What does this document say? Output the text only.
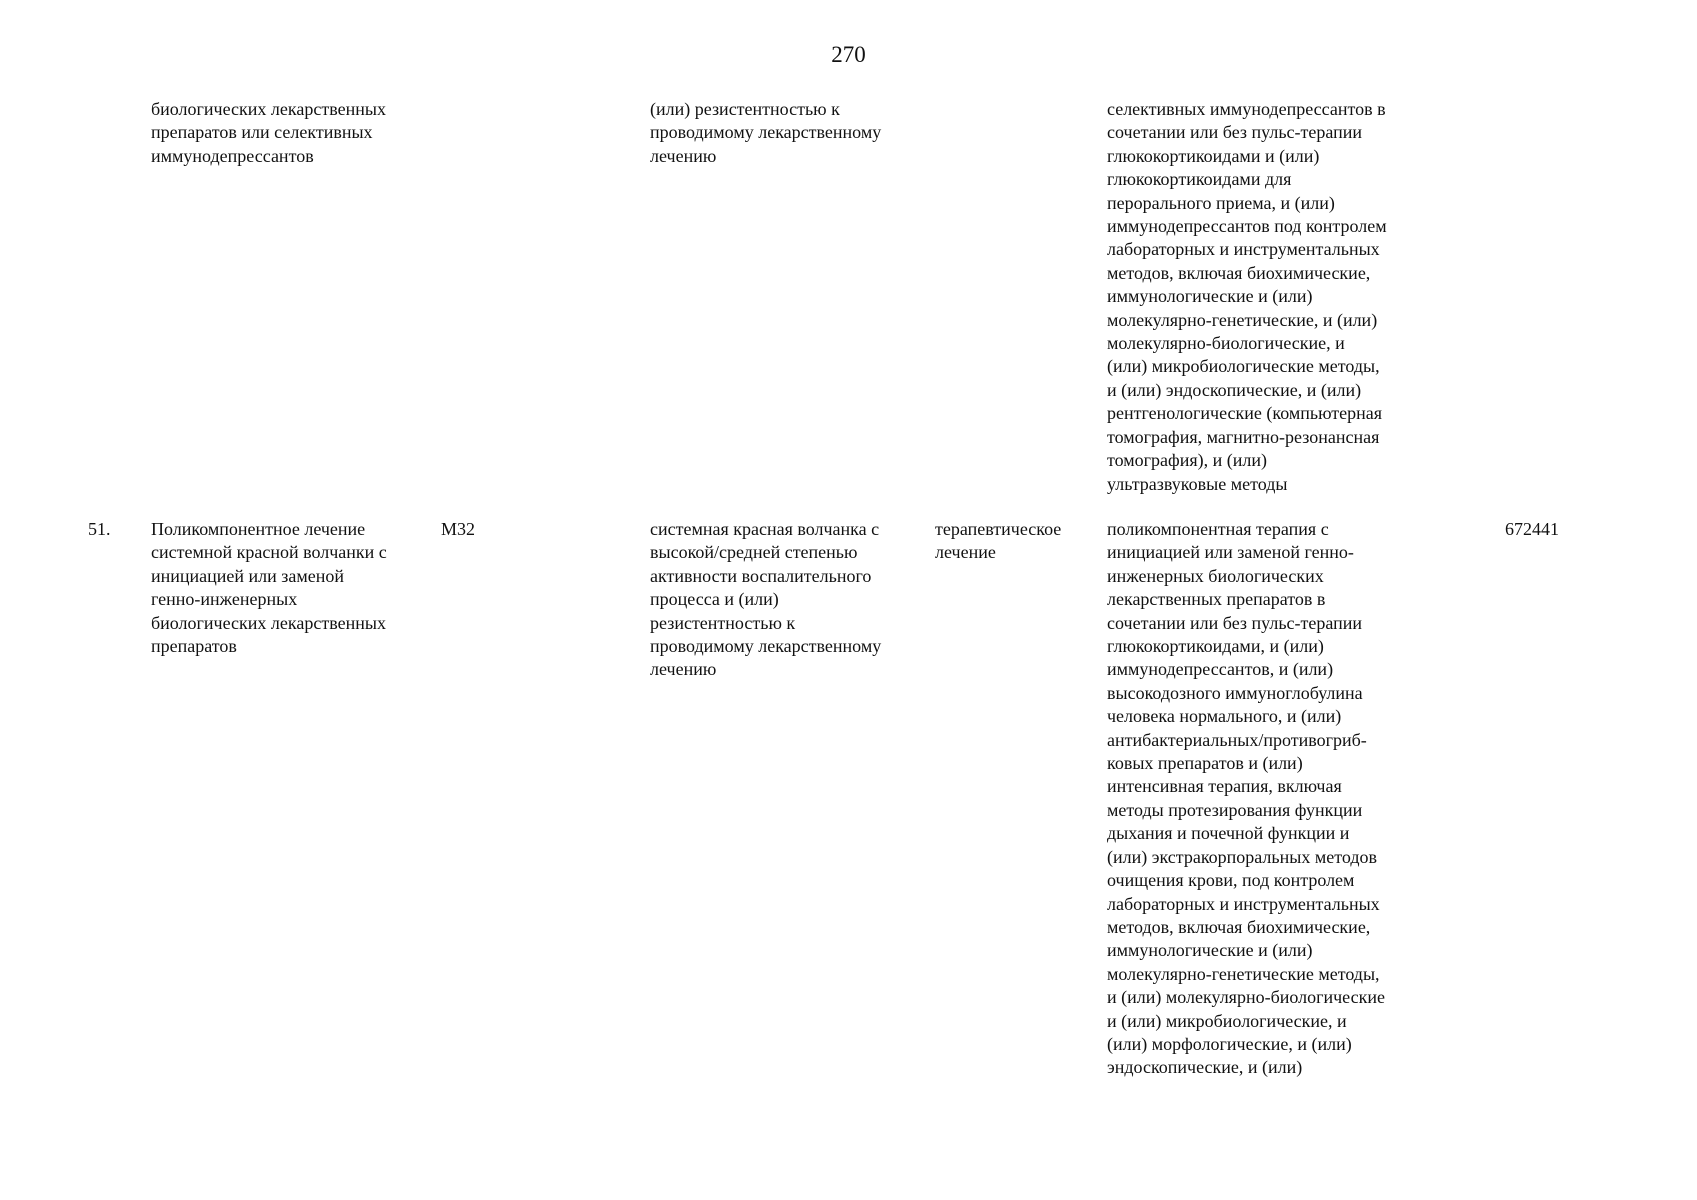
270
биологических лекарственных
препаратов или селективных
иммунодепрессантов
(или) резистентностью к
проводимому лекарственному
лечению
селективных иммунодепрессантов в
сочетании или без пульс-терапии
глюкокортикоидами и (или)
глюкокортикоидами для
перорального приема, и (или)
иммунодепрессантов под контролем
лабораторных и инструментальных
методов, включая биохимические,
иммунологические и (или)
молекулярно-генетические, и (или)
молекулярно-биологические, и
(или) микробиологические методы,
и (или) эндоскопические, и (или)
рентгенологические (компьютерная
томография, магнитно-резонансная
томография), и (или)
ультразвуковые методы
51.	Поликомпонентное лечение
системной красной волчанки с
инициацией или заменой
генно-инженерных
биологических лекарственных
препаратов
M32	системная красная волчанка с
высокой/средней степенью
активности воспалительного
процесса и (или)
резистентностью к
проводимому лекарственному
лечению
терапевтическое
лечение
поликомпонентная терапия с
инициацией или заменой генно-
инженерных биологических
лекарственных препаратов в
сочетании или без пульс-терапии
глюкокортикоидами, и (или)
иммунодепрессантов, и (или)
высокодозного иммуноглобулина
человека нормального, и (или)
антибактериальных/противогриб-
ковых препаратов и (или)
интенсивная терапия, включая
методы протезирования функции
дыхания и почечной функции и
(или) экстракорпоральных методов
очищения крови, под контролем
лабораторных и инструментальных
методов, включая биохимические,
иммунологические и (или)
молекулярно-генетические методы,
и (или) молекулярно-биологические
и (или) микробиологические, и
(или) морфологические, и (или)
эндоскопические, и (или)
672441
